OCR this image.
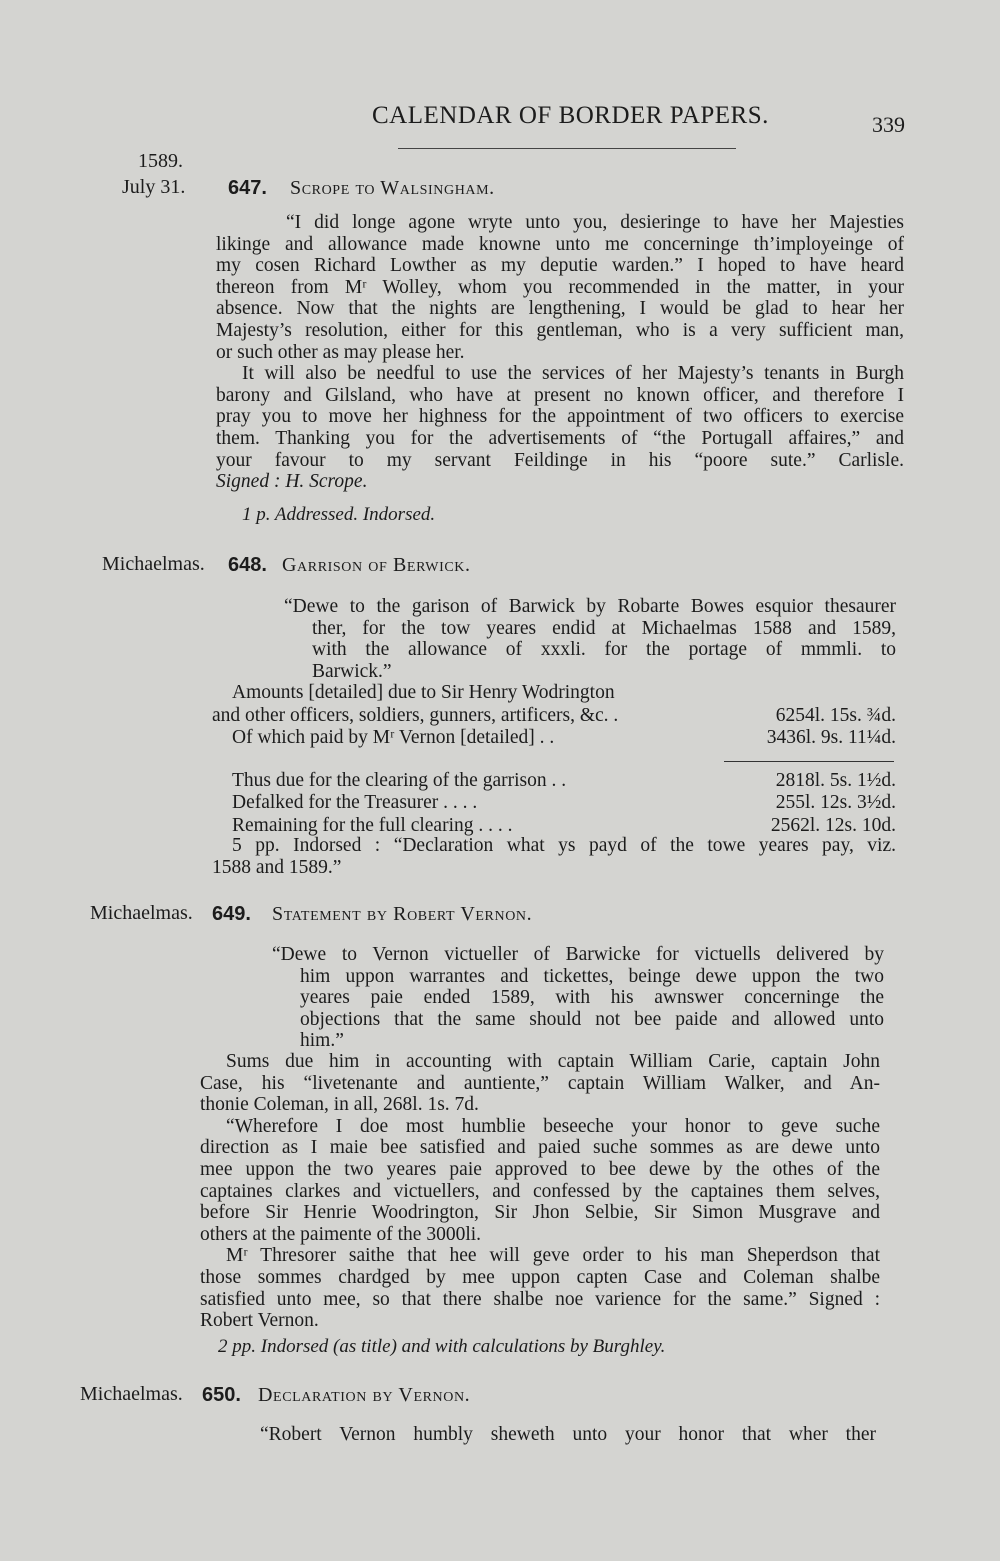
CALENDAR OF BORDER PAPERS.	339
1589.
July 31. 647. Scrope to Walsingham.
“I did longe agone wryte unto you, desieringe to have her Majesties
likinge and allowance made knowne unto me concerninge th’imployeinge of
my cosen Richard Lowther as my deputie warden.” I hoped to have heard
thereon from Mʳ Wolley, whom you recommended in the matter, in your
absence. Now that the nights are lengthening, I would be glad to hear her
Majesty’s resolution, either for this gentleman, who is a very sufficient man,
or such other as may please her.
It will also be needful to use the services of her Majesty’s tenants in Burgh
barony and Gilsland, who have at present no known officer, and therefore I
pray you to move her highness for the appointment of two officers to exercise
them. Thanking you for the advertisements of “the Portugall affaires,” and
your favour to my servant Feildinge in his “poore sute.” Carlisle.
Signed : H. Scrope.
1 p. Addressed. Indorsed.
Michaelmas. 648. Garrison of Berwick.
“Dewe to the garison of Barwick by Robarte Bowes esquior thesaurer
ther, for the tow yeares endid at Michaelmas 1588 and 1589,
with the allowance of xxxli. for the portage of mmmli. to
Barwick.”
Amounts [detailed] due to Sir Henry Wodrington	
and other officers, soldiers, gunners, artificers, &c. .	6254l. 15s. ¾d.
Of which paid by Mʳ Vernon [detailed] . .	3436l. 9s. 11¼d.

Thus due for the clearing of the garrison . .	2818l. 5s. 1½d.
Defalked for the Treasurer . . . .	255l. 12s. 3½d.
Remaining for the full clearing . . . .	2562l. 12s. 10d.
5 pp. Indorsed : “Declaration what ys payd of the towe yeares pay, viz.
1588 and 1589.”
Michaelmas. 649. Statement by Robert Vernon.
“Dewe to Vernon victueller of Barwicke for victuells delivered by
him uppon warrantes and tickettes, beinge dewe uppon the two
yeares paie ended 1589, with his awnswer concerninge the
objections that the same should not bee paide and allowed unto
him.”
Sums due him in accounting with captain William Carie, captain John
Case, his “livetenante and auntiente,” captain William Walker, and An-
thonie Coleman, in all, 268l. 1s. 7d.
“Wherefore I doe most humblie beseeche your honor to geve suche
direction as I maie bee satisfied and paied suche sommes as are dewe unto
mee uppon the two yeares paie approved to bee dewe by the othes of the
captaines clarkes and victuellers, and confessed by the captaines them selves,
before Sir Henrie Woodrington, Sir Jhon Selbie, Sir Simon Musgrave and
others at the paimente of the 3000li.
Mʳ Thresorer saithe that hee will geve order to his man Sheperdson that
those sommes chardged by mee uppon capten Case and Coleman shalbe
satisfied unto mee, so that there shalbe noe varience for the same.” Signed :
Robert Vernon.
2 pp. Indorsed (as title) and with calculations by Burghley.
Michaelmas. 650. Declaration by Vernon.
“Robert Vernon humbly sheweth unto your honor that wher ther
